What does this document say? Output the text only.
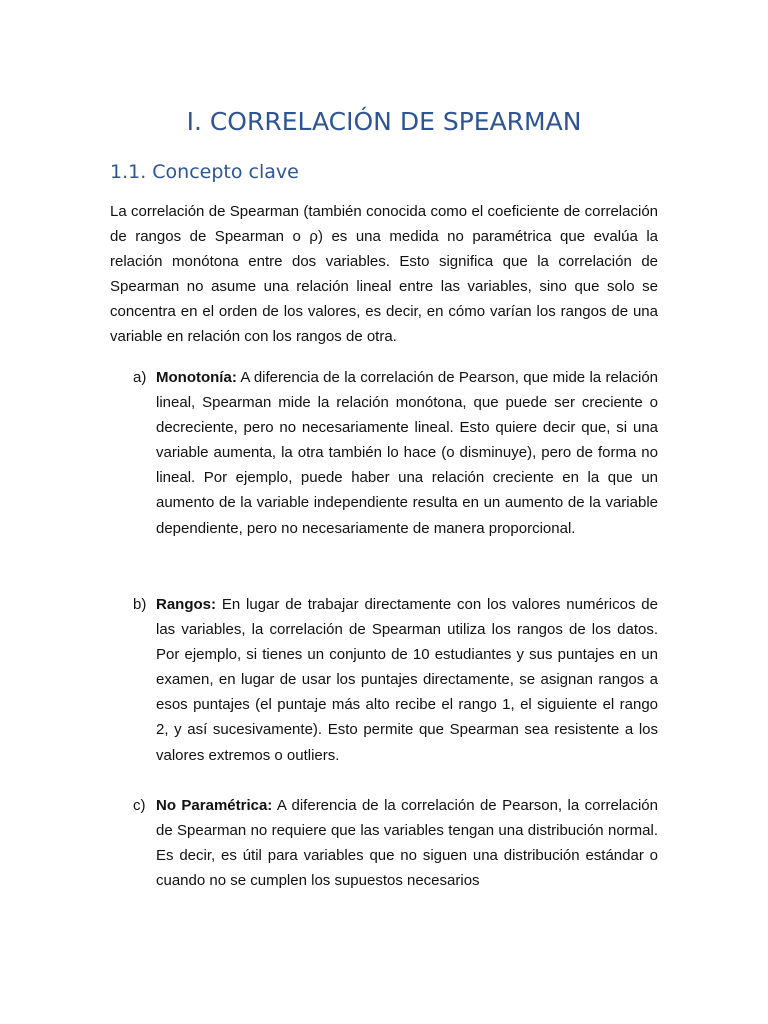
I. CORRELACIÓN DE SPEARMAN
1.1. Concepto clave

La correlación de Spearman (también conocida como el coeficiente de correlación de rangos de Spearman o ρ) es una medida no paramétrica que evalúa la relación monótona entre dos variables. Esto significa que la correlación de Spearman no asume una relación lineal entre las variables, sino que solo se concentra en el orden de los valores, es decir, en cómo varían los rangos de una variable en relación con los rangos de otra.

a) Monotonía: A diferencia de la correlación de Pearson, que mide la relación lineal, Spearman mide la relación monótona, que puede ser creciente o decreciente, pero no necesariamente lineal. Esto quiere decir que, si una variable aumenta, la otra también lo hace (o disminuye), pero de forma no lineal. Por ejemplo, puede haber una relación creciente en la que un aumento de la variable independiente resulta en un aumento de la variable dependiente, pero no necesariamente de manera proporcional.
b) Rangos: En lugar de trabajar directamente con los valores numéricos de las variables, la correlación de Spearman utiliza los rangos de los datos. Por ejemplo, si tienes un conjunto de 10 estudiantes y sus puntajes en un examen, en lugar de usar los puntajes directamente, se asignan rangos a esos puntajes (el puntaje más alto recibe el rango 1, el siguiente el rango 2, y así sucesivamente). Esto permite que Spearman sea resistente a los valores extremos o outliers.
c) No Paramétrica: A diferencia de la correlación de Pearson, la correlación de Spearman no requiere que las variables tengan una distribución normal. Es decir, es útil para variables que no siguen una distribución estándar o cuando no se cumplen los supuestos necesarios
